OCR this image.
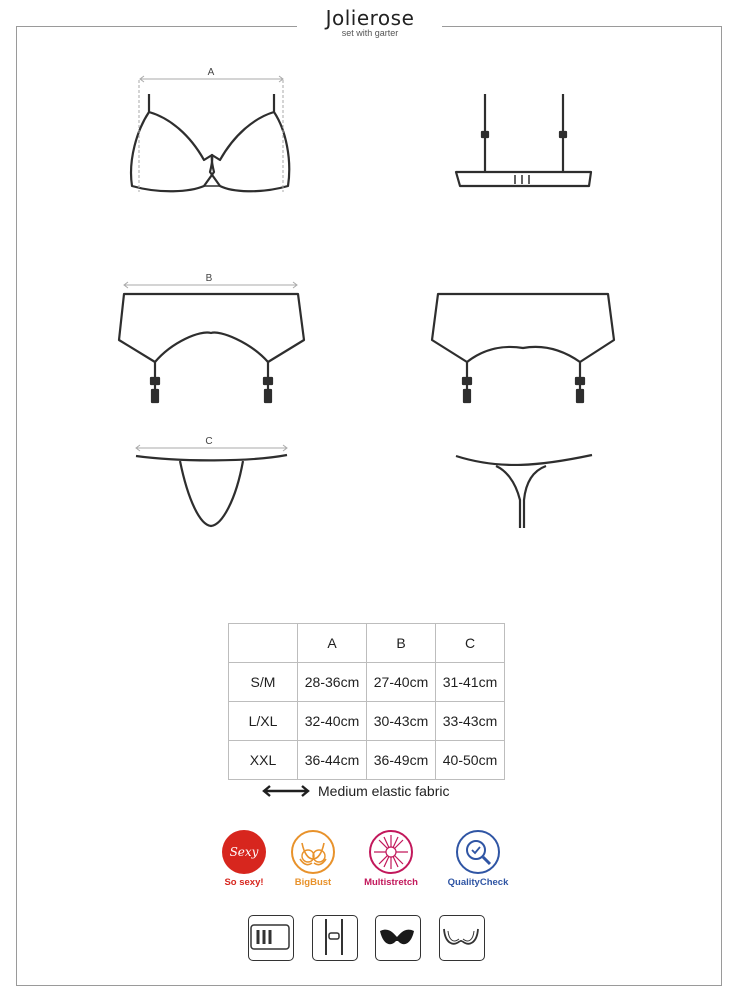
Jolierose
set with garter
A
B
C
	A	B	C
S/M	28-36cm	27-40cm	31-41cm
L/XL	32-40cm	30-43cm	33-43cm
XXL	36-44cm	36-49cm	40-50cm
Medium elastic fabric
Sexy
So sexy!	BigBust	Multistretch	QualityCheck
